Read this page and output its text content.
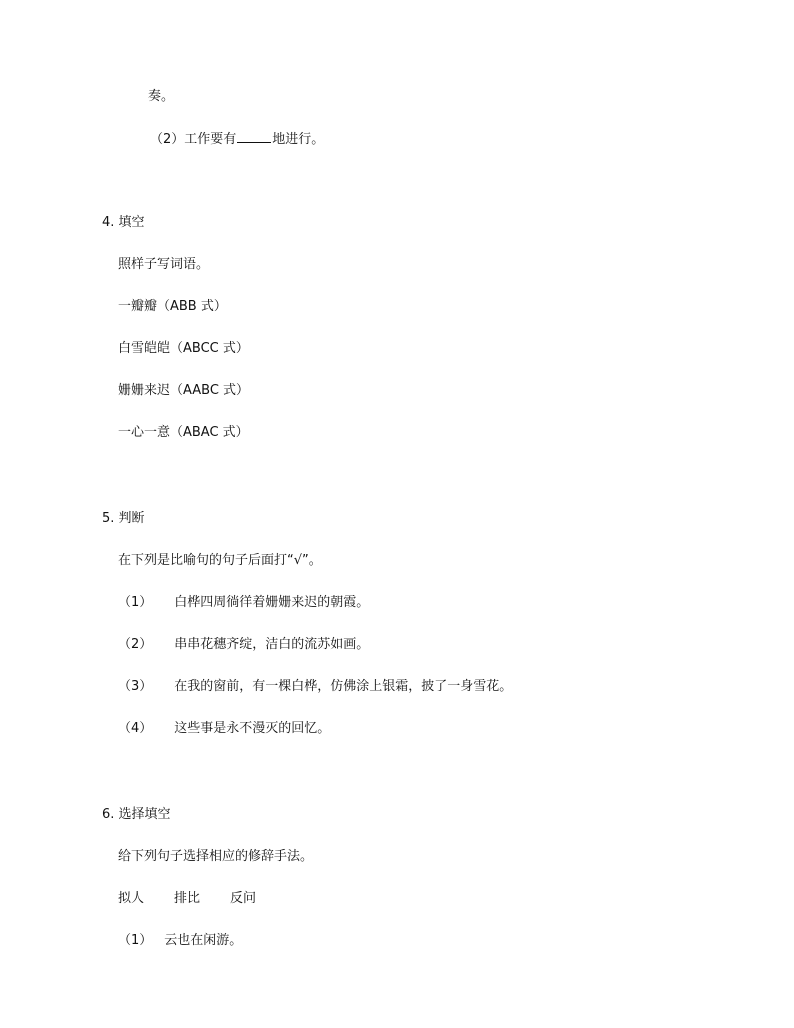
奏。
（2）工作要有	地进行。
4. 填空
照样子写词语。
一瓣瓣（ABB 式）
白雪皑皑（ABCC 式）
姗姗来迟（AABC 式）
一心一意（ABAC 式）
5. 判断
在下列是比喻句的句子后面打“√”。
（1） 白桦四周徜徉着姗姗来迟的朝霞。
（2） 串串花穗齐绽，洁白的流苏如画。
（3） 在我的窗前，有一棵白桦，仿佛涂上银霜，披了一身雪花。
（4） 这些事是永不漫灭的回忆。
6. 选择填空
给下列句子选择相应的修辞手法。
拟人 排比 反问
（1） 云也在闲游。
